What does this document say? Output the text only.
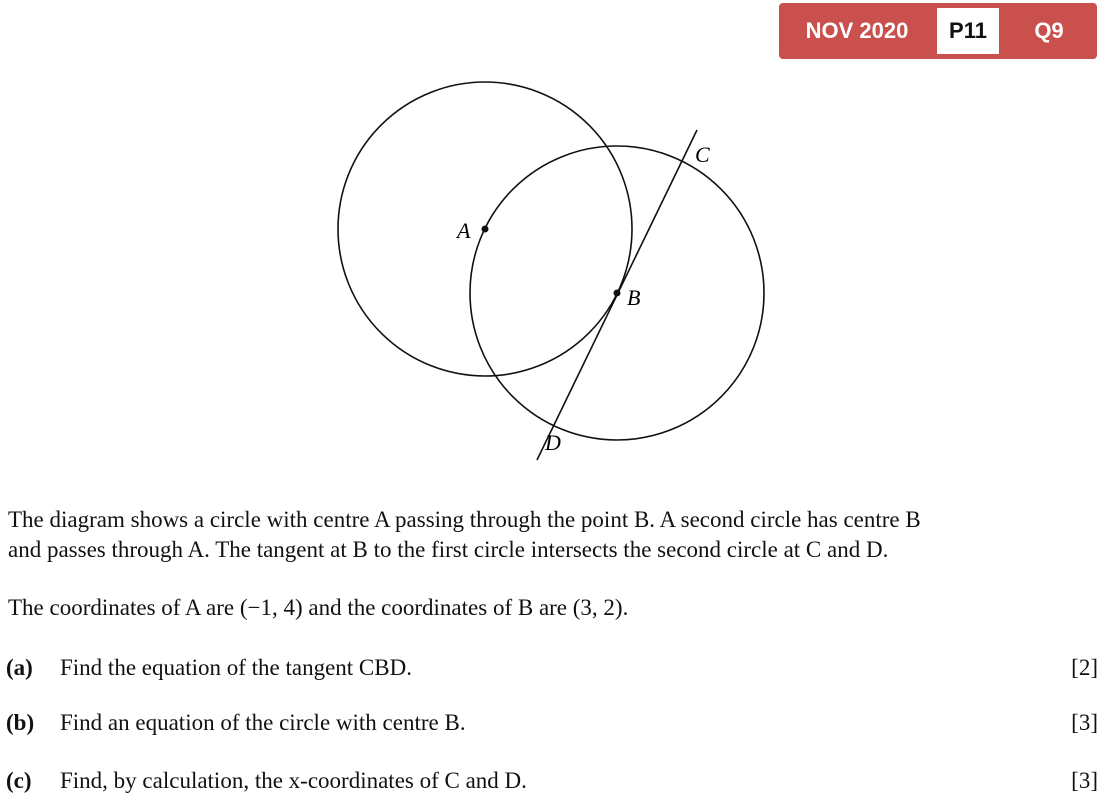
NOV 2020	P11	Q9
A
B
C
D
The diagram shows a circle with centre A passing through the point B. A second circle has centre B
and passes through A. The tangent at B to the first circle intersects the second circle at C and D.
The coordinates of A are (−1, 4) and the coordinates of B are (3, 2).
(a) Find the equation of the tangent CBD.	[2]
(b) Find an equation of the circle with centre B.	[3]
(c) Find, by calculation, the x-coordinates of C and D.	[3]
